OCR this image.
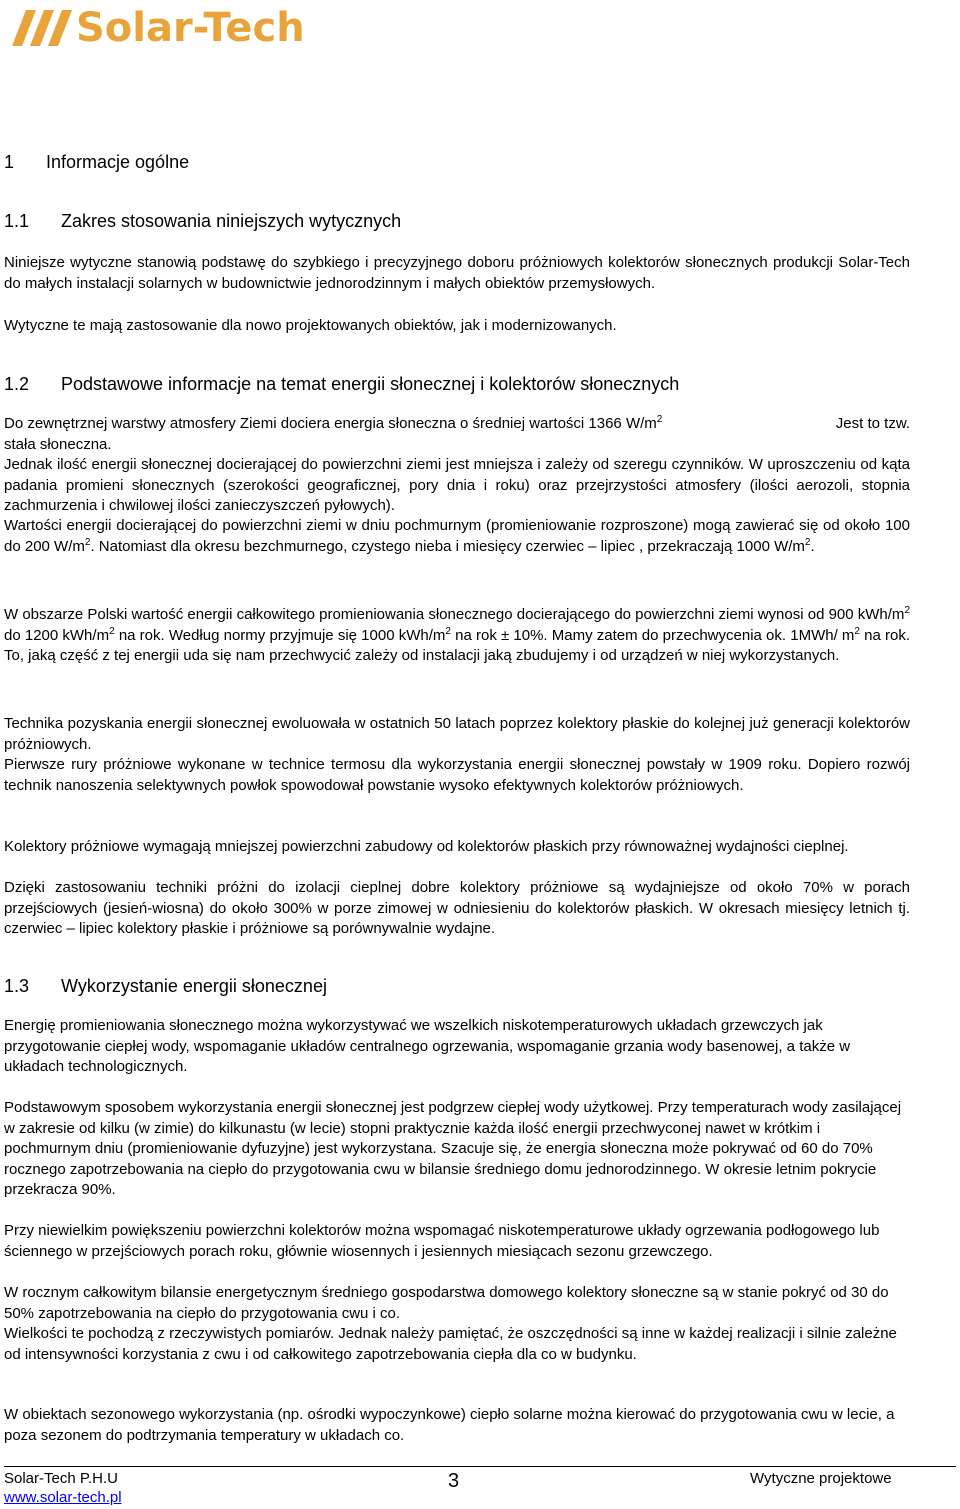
Solar-Tech
1 Informacje ogólne
1.1 Zakres stosowania niniejszych wytycznych
Niniejsze wytyczne stanowią podstawę do szybkiego i precyzyjnego doboru próżniowych kolektorów słonecznych produkcji Solar-Tech do małych instalacji solarnych w budownictwie jednorodzinnym i małych obiektów przemysłowych.
Wytyczne te mają zastosowanie dla nowo projektowanych obiektów, jak i modernizowanych.
1.2 Podstawowe informacje na temat energii słonecznej i kolektorów słonecznych
Do zewnętrznej warstwy atmosfery Ziemi dociera energia słoneczna o średniej wartości 1366 $W/m^2$	Jest to tzw.
stała słoneczna.
Jednak ilość energii słonecznej docierającej do powierzchni ziemi jest mniejsza i zależy od szeregu czynników. W uproszczeniu od kąta padania promieni słonecznych (szerokości geograficznej, pory dnia i roku) oraz przejrzystości atmosfery (ilości aerozoli, stopnia zachmurzenia i chwilowej ilości zanieczyszczeń pyłowych).
Wartości energii docierającej do powierzchni ziemi w dniu pochmurnym (promieniowanie rozproszone) mogą zawierać się od około 100 do 200 $W/m^2$. Natomiast dla okresu bezchmurnego, czystego nieba i miesięcy czerwiec – lipiec , przekraczają 1000 $W/m^2$.
W obszarze Polski wartość energii całkowitego promieniowania słonecznego docierającego do powierzchni ziemi wynosi od 900 kWh/$m^2$ do 1200 kWh/$m^2$ na rok. Według normy przyjmuje się 1000 kWh/$m^2$ na rok ± 10%. Mamy zatem do przechwycenia ok. 1MWh/ $m^2$ na rok. To, jaką część z tej energii uda się nam przechwycić zależy od instalacji jaką zbudujemy i od urządzeń w niej wykorzystanych.
Technika pozyskania energii słonecznej ewoluowała w ostatnich 50 latach poprzez kolektory płaskie do kolejnej już generacji kolektorów próżniowych.
Pierwsze rury próżniowe wykonane w technice termosu dla wykorzystania energii słonecznej powstały w 1909 roku. Dopiero rozwój technik nanoszenia selektywnych powłok spowodował powstanie wysoko efektywnych kolektorów próżniowych.
Kolektory próżniowe wymagają mniejszej powierzchni zabudowy od kolektorów płaskich przy równoważnej wydajności cieplnej.
Dzięki zastosowaniu techniki próżni do izolacji cieplnej dobre kolektory próżniowe są wydajniejsze od około 70% w porach przejściowych (jesień-wiosna) do około 300% w porze zimowej w odniesieniu do kolektorów płaskich. W okresach miesięcy letnich tj. czerwiec – lipiec kolektory płaskie i próżniowe są porównywalnie wydajne.
1.3 Wykorzystanie energii słonecznej
Energię promieniowania słonecznego można wykorzystywać we wszelkich niskotemperaturowych układach grzewczych jak przygotowanie ciepłej wody, wspomaganie układów centralnego ogrzewania, wspomaganie grzania wody basenowej, a także w układach technologicznych.
Podstawowym sposobem wykorzystania energii słonecznej jest podgrzew ciepłej wody użytkowej. Przy temperaturach wody zasilającej w zakresie od kilku (w zimie) do kilkunastu (w lecie) stopni praktycznie każda ilość energii przechwyconej nawet w krótkim i pochmurnym dniu (promieniowanie dyfuzyjne) jest wykorzystana. Szacuje się, że energia słoneczna może pokrywać od 60 do 70% rocznego zapotrzebowania na ciepło do przygotowania cwu w bilansie średniego domu jednorodzinnego. W okresie letnim pokrycie przekracza 90%.
Przy niewielkim powiększeniu powierzchni kolektorów można wspomagać niskotemperaturowe układy ogrzewania podłogowego lub ściennego w przejściowych porach roku, głównie wiosennych i jesiennych miesiącach sezonu grzewczego.
W rocznym całkowitym bilansie energetycznym średniego gospodarstwa domowego kolektory słoneczne są w stanie pokryć od 30 do 50% zapotrzebowania na ciepło do przygotowania cwu i co.
Wielkości te pochodzą z rzeczywistych pomiarów. Jednak należy pamiętać, że oszczędności są inne w każdej realizacji i silnie zależne od intensywności korzystania z cwu i od całkowitego zapotrzebowania ciepła dla co w budynku.
W obiektach sezonowego wykorzystania (np. ośrodki wypoczynkowe) ciepło solarne można kierować do przygotowania cwu w lecie, a poza sezonem do podtrzymania temperatury w układach co.
Solar-Tech P.H.U
www.solar-tech.pl
3	Wytyczne projektowe
